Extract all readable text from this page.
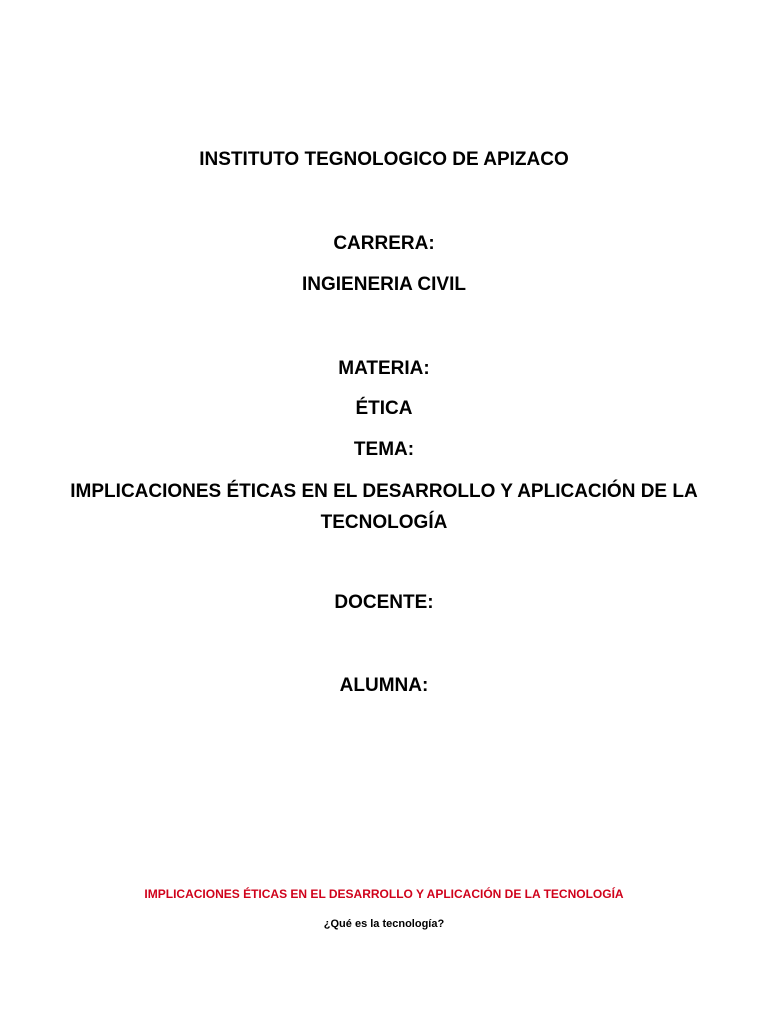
INSTITUTO TEGNOLOGICO DE APIZACO
CARRERA:
INGIENERIA CIVIL
MATERIA:
ÉTICA
TEMA:
IMPLICACIONES ÉTICAS EN EL DESARROLLO Y APLICACIÓN DE LA TECNOLOGÍA
DOCENTE:
ALUMNA:
IMPLICACIONES ÉTICAS EN EL DESARROLLO Y APLICACIÓN DE LA TECNOLOGÍA
¿Qué es la tecnología?
